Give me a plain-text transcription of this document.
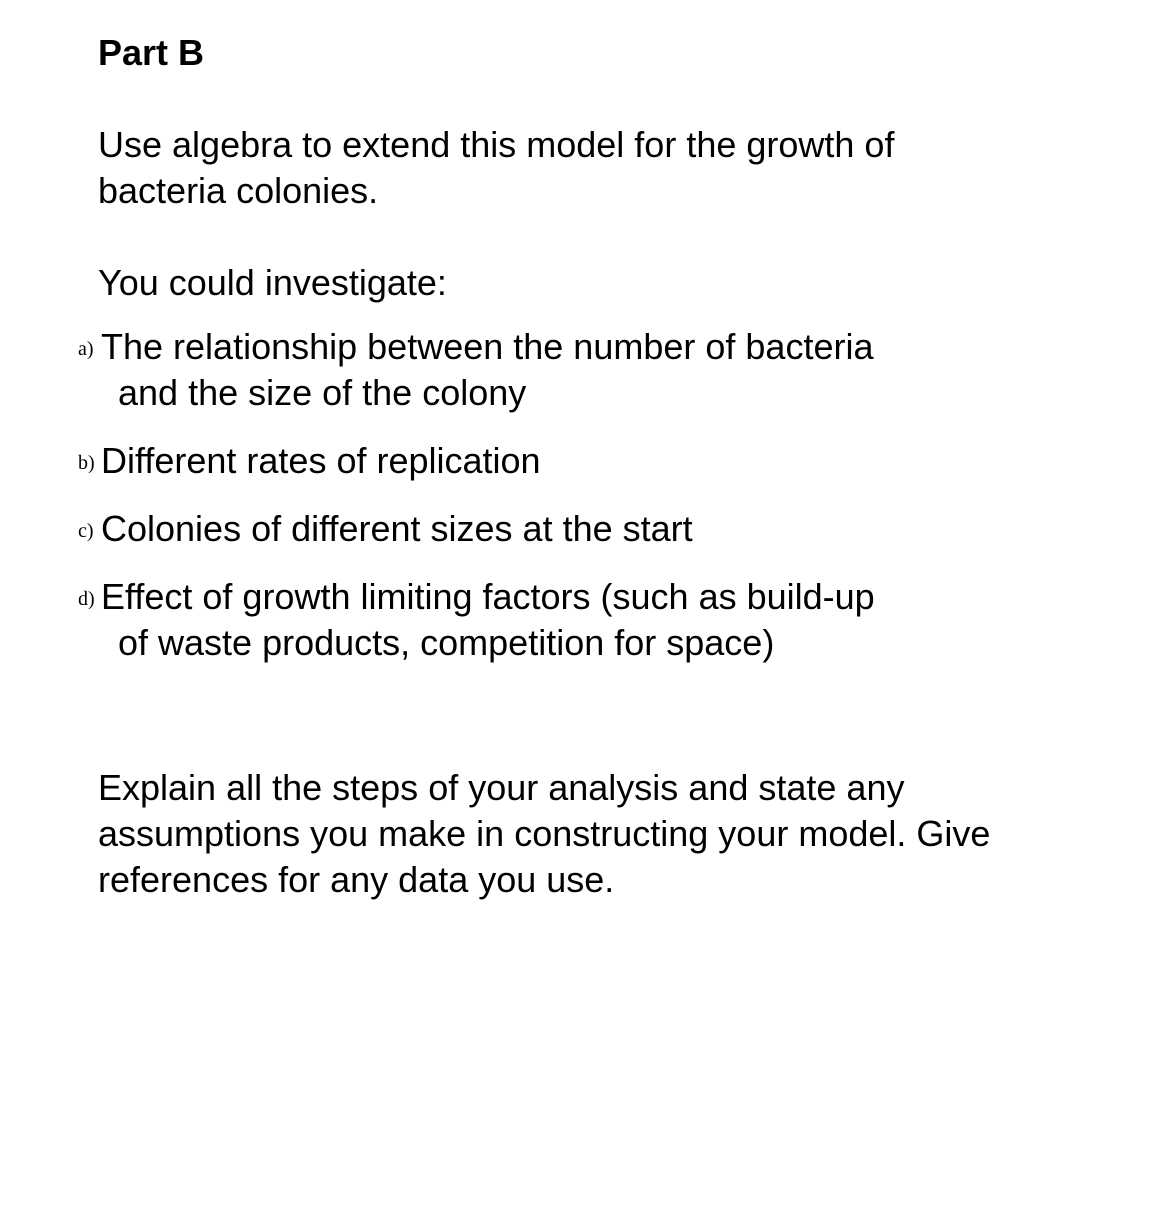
Part B

Use algebra to extend this model for the growth of
bacteria colonies.

You could investigate:

a) The relationship between the number of bacteria
and the size of the colony
b) Different rates of replication
c) Colonies of different sizes at the start
d) Effect of growth limiting factors (such as build-up
of waste products, competition for space)

Explain all the steps of your analysis and state any
assumptions you make in constructing your model. Give
references for any data you use.
